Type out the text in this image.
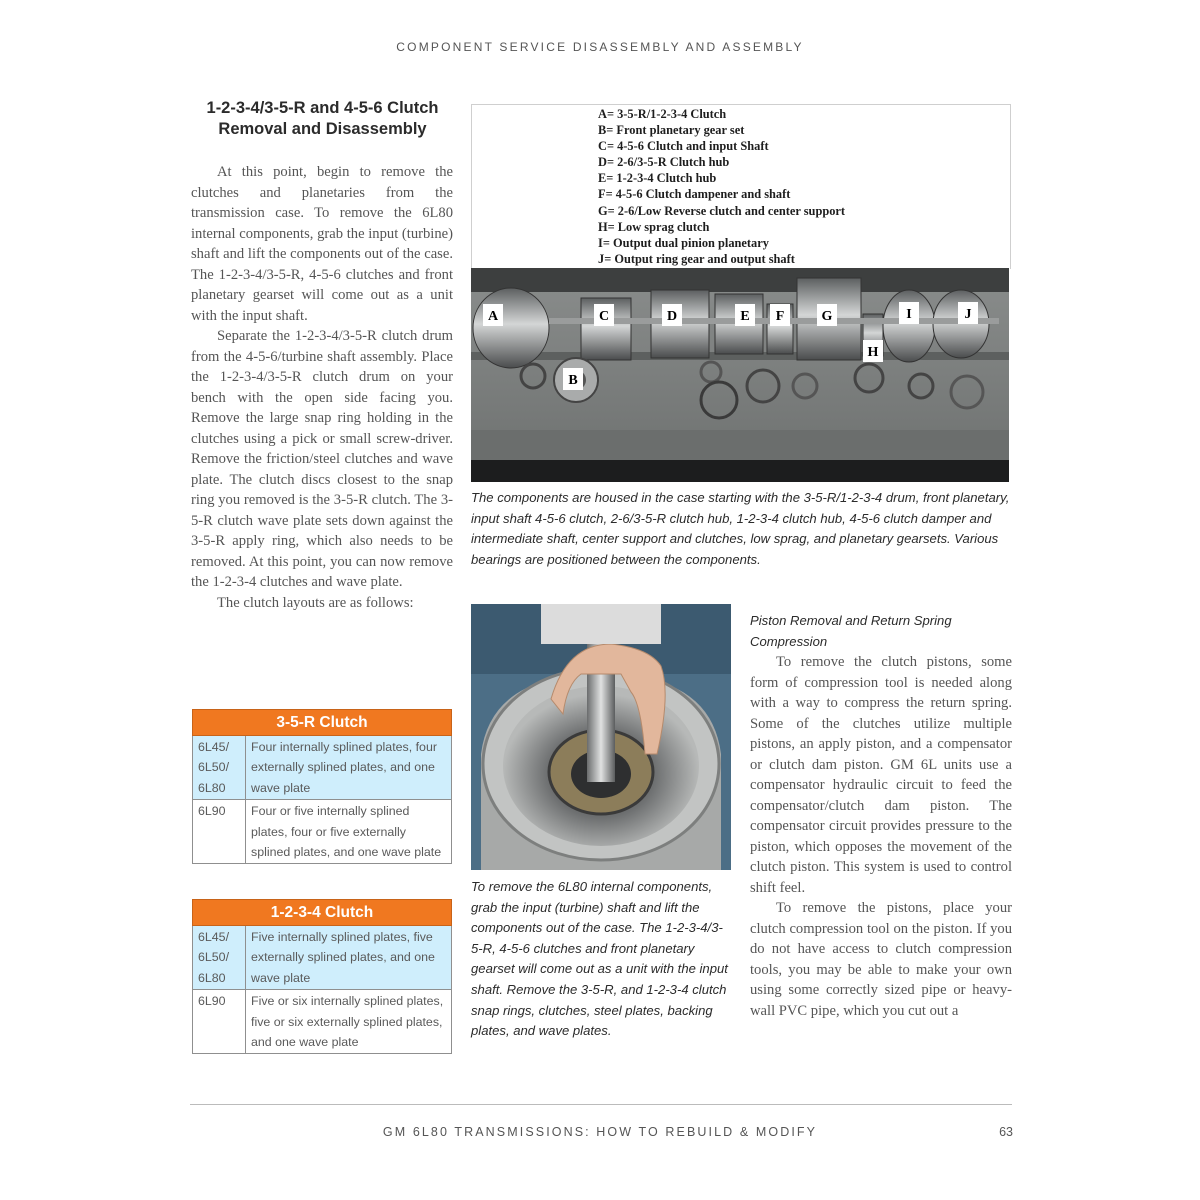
COMPONENT SERVICE DISASSEMBLY AND ASSEMBLY
1-2-3-4/3-5-R and 4-5-6 Clutch Removal and Disassembly

At this point, begin to remove the clutches and planetaries from the transmission case. To remove the 6L80 internal components, grab the input (turbine) shaft and lift the components out of the case. The 1-2-3-4/3-5-R, 4-5-6 clutches and front planetary gearset will come out as a unit with the input shaft.

Separate the 1-2-3-4/3-5-R clutch drum from the 4-5-6/turbine shaft assembly. Place the 1-2-3-4/3-5-R clutch drum on your bench with the open side facing you. Remove the large snap ring holding in the clutches using a pick or small screw-driver. Remove the friction/steel clutches and wave plate. The clutch discs closest to the snap ring you removed is the 3-5-R clutch. The 3-5-R clutch wave plate sets down against the 3-5-R apply ring, which also needs to be removed. At this point, you can now remove the 1-2-3-4 clutches and wave plate.

The clutch layouts are as follows:

3-5-R Clutch	
6L45/ 6L50/ 6L80	Four internally splined plates, four externally splined plates, and one wave plate
6L90	Four or five internally splined plates, four or five externally splined plates, and one wave plate
1-2-3-4 Clutch	
6L45/ 6L50/ 6L80	Five internally splined plates, five externally splined plates, and one wave plate
6L90	Five or six internally splined plates, five or six externally splined plates, and one wave plate
A= 3-5-R/1-2-3-4 Clutch
B= Front planetary gear set
C= 4-5-6 Clutch and input Shaft
D= 2-6/3-5-R Clutch hub
E= 1-2-3-4 Clutch hub
F= 4-5-6 Clutch dampener and shaft
G= 2-6/Low Reverse clutch and center support
H= Low sprag clutch
I= Output dual pinion planetary
J= Output ring gear and output shaft
A
B
C	D	E F	G
H
I	J

The components are housed in the case starting with the 3-5-R/1-2-3-4 drum, front planetary, input shaft 4-5-6 clutch, 2-6/3-5-R clutch hub, 1-2-3-4 clutch hub, 4-5-6 clutch damper and intermediate shaft, center support and clutches, low sprag, and planetary gearsets. Various bearings are positioned between the components.

To remove the 6L80 internal components, grab the input (turbine) shaft and lift the components out of the case. The 1-2-3-4/3-5-R, 4-5-6 clutches and front planetary gearset will come out as a unit with the input shaft. Remove the 3-5-R, and 1-2-3-4 clutch snap rings, clutches, steel plates, backing plates, and wave plates.

Piston Removal and Return Spring Compression

To remove the clutch pistons, some form of compression tool is needed along with a way to compress the return spring. Some of the clutches utilize multiple pistons, an apply piston, and a compensator or clutch dam piston. GM 6L units use a compensator hydraulic circuit to feed the compensator/clutch dam piston. The compensator circuit provides pressure to the piston, which opposes the movement of the clutch piston. This system is used to control shift feel.

To remove the pistons, place your clutch compression tool on the piston. If you do not have access to clutch compression tools, you may be able to make your own using some correctly sized pipe or heavy-wall PVC pipe, which you cut out a

GM 6L80 TRANSMISSIONS: HOW TO REBUILD & MODIFY	63
